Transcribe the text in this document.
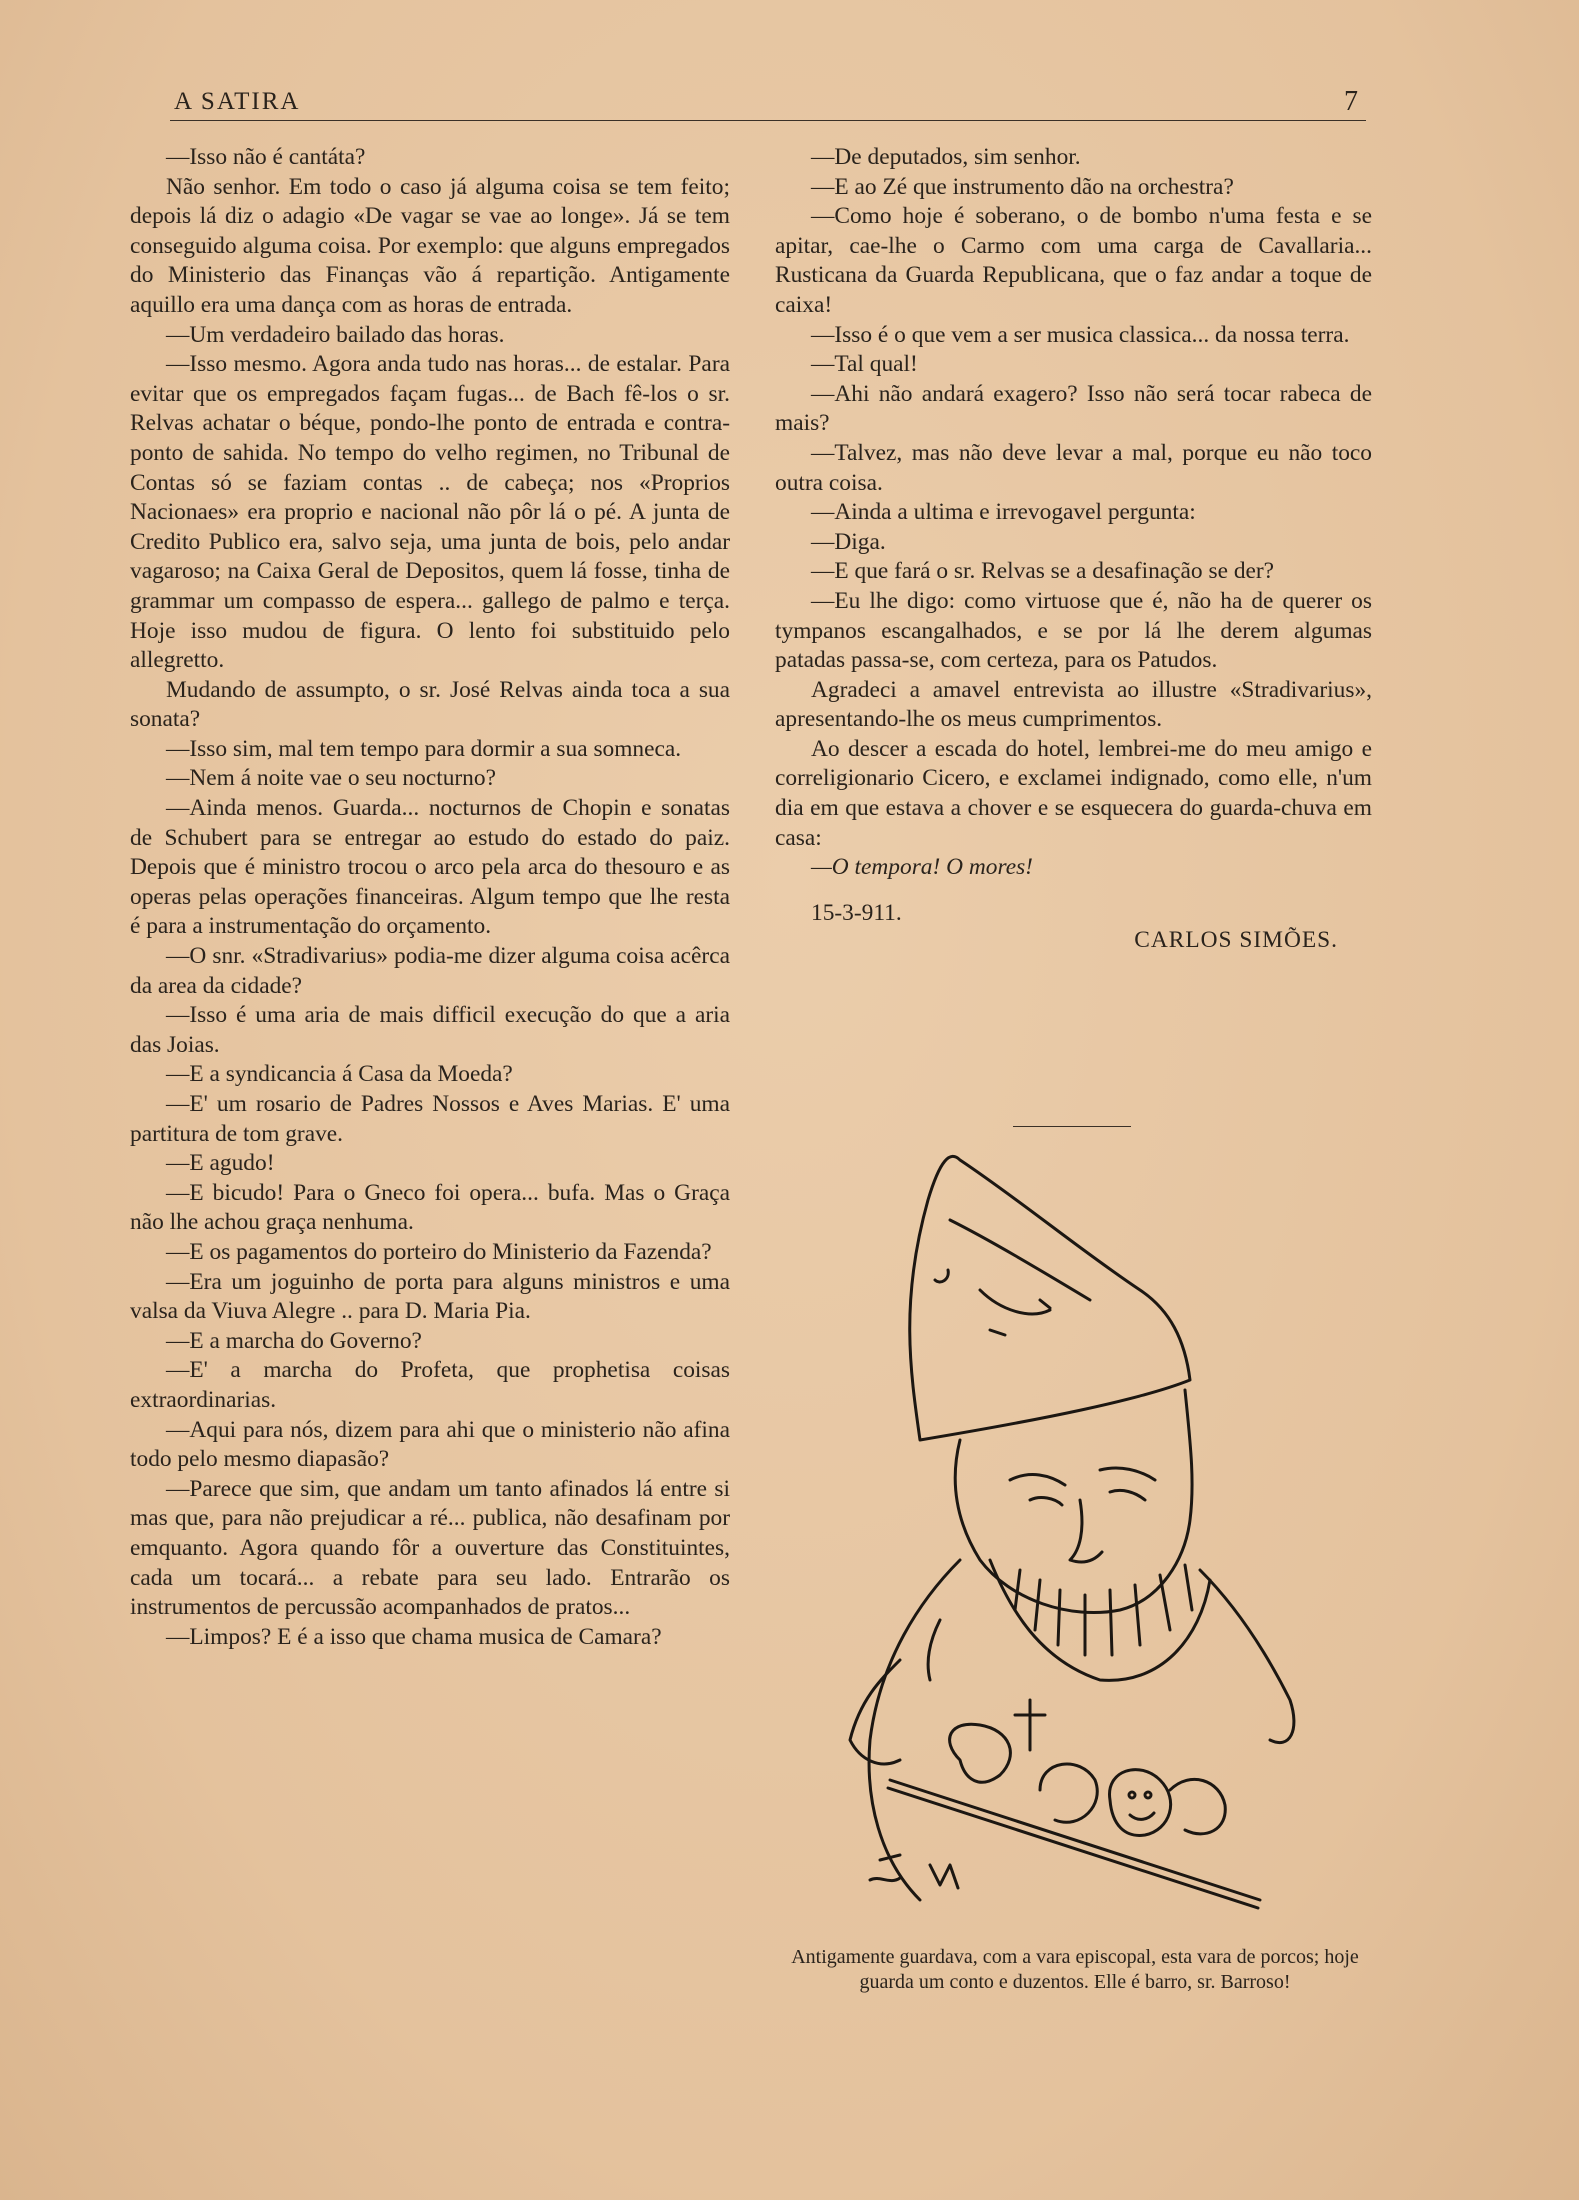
A SATIRA	7

—Isso não é cantáta?

Não senhor. Em todo o caso já alguma coisa se tem feito; depois lá diz o adagio «De vagar se vae ao longe». Já se tem conseguido alguma coisa. Por exemplo: que alguns empregados do Ministerio das Finanças vão á repartição. Antigamente aquillo era uma dança com as horas de entrada.

—Um verdadeiro bailado das horas.

—Isso mesmo. Agora anda tudo nas horas... de estalar. Para evitar que os empregados façam fugas... de Bach fê-los o sr. Relvas achatar o béque, pondo-lhe ponto de entrada e contra-ponto de sahida. No tempo do velho regimen, no Tribunal de Contas só se faziam contas .. de cabeça; nos «Proprios Nacionaes» era proprio e nacional não pôr lá o pé. A junta de Credito Publico era, salvo seja, uma junta de bois, pelo andar vagaroso; na Caixa Geral de Depositos, quem lá fosse, tinha de grammar um compasso de espera... gallego de palmo e terça. Hoje isso mudou de figura. O lento foi substituido pelo allegretto.

Mudando de assumpto, o sr. José Relvas ainda toca a sua sonata?

—Isso sim, mal tem tempo para dormir a sua somneca.

—Nem á noite vae o seu nocturno?

—Ainda menos. Guarda... nocturnos de Chopin e sonatas de Schubert para se entregar ao estudo do estado do paiz. Depois que é ministro trocou o arco pela arca do thesouro e as operas pelas operações financeiras. Algum tempo que lhe resta é para a instrumentação do orçamento.

—O snr. «Stradivarius» podia-me dizer alguma coisa acêrca da area da cidade?

—Isso é uma aria de mais difficil execução do que a aria das Joias.

—E a syndicancia á Casa da Moeda?

—E' um rosario de Padres Nossos e Aves Marias. E' uma partitura de tom grave.

—E agudo!

—E bicudo! Para o Gneco foi opera... bufa. Mas o Graça não lhe achou graça nenhuma.

—E os pagamentos do porteiro do Ministerio da Fazenda?

—Era um joguinho de porta para alguns ministros e uma valsa da Viuva Alegre .. para D. Maria Pia.

—E a marcha do Governo?

—E' a marcha do Profeta, que prophetisa coisas extraordinarias.

—Aqui para nós, dizem para ahi que o ministerio não afina todo pelo mesmo diapasão?

—Parece que sim, que andam um tanto afinados lá entre si mas que, para não prejudicar a ré... publica, não desafinam por emquanto. Agora quando fôr a ouverture das Constituintes, cada um tocará... a rebate para seu lado. Entrarão os instrumentos de percussão acompanhados de pratos...

—Limpos? E é a isso que chama musica de Camara?

—De deputados, sim senhor.

—E ao Zé que instrumento dão na orchestra?

—Como hoje é soberano, o de bombo n'uma festa e se apitar, cae-lhe o Carmo com uma carga de Cavallaria... Rusticana da Guarda Republicana, que o faz andar a toque de caixa!

—Isso é o que vem a ser musica classica... da nossa terra.

—Tal qual!

—Ahi não andará exagero? Isso não será tocar rabeca de mais?

—Talvez, mas não deve levar a mal, porque eu não toco outra coisa.

—Ainda a ultima e irrevogavel pergunta:

—Diga.

—E que fará o sr. Relvas se a desafinação se der?

—Eu lhe digo: como virtuose que é, não ha de querer os tympanos escangalhados, e se por lá lhe derem algumas patadas passa-se, com certeza, para os Patudos.

Agradeci a amavel entrevista ao illustre «Stradivarius», apresentando-lhe os meus cumprimentos.

Ao descer a escada do hotel, lembrei-me do meu amigo e correligionario Cicero, e exclamei indignado, como elle, n'um dia em que estava a chover e se esquecera do guarda-chuva em casa:

—O tempora! O mores!

15-3-911.
CARLOS SIMÕES.
Antigamente guardava, com a vara episcopal, esta vara de porcos; hoje guarda um conto e duzentos. Elle é barro, sr. Barroso!
